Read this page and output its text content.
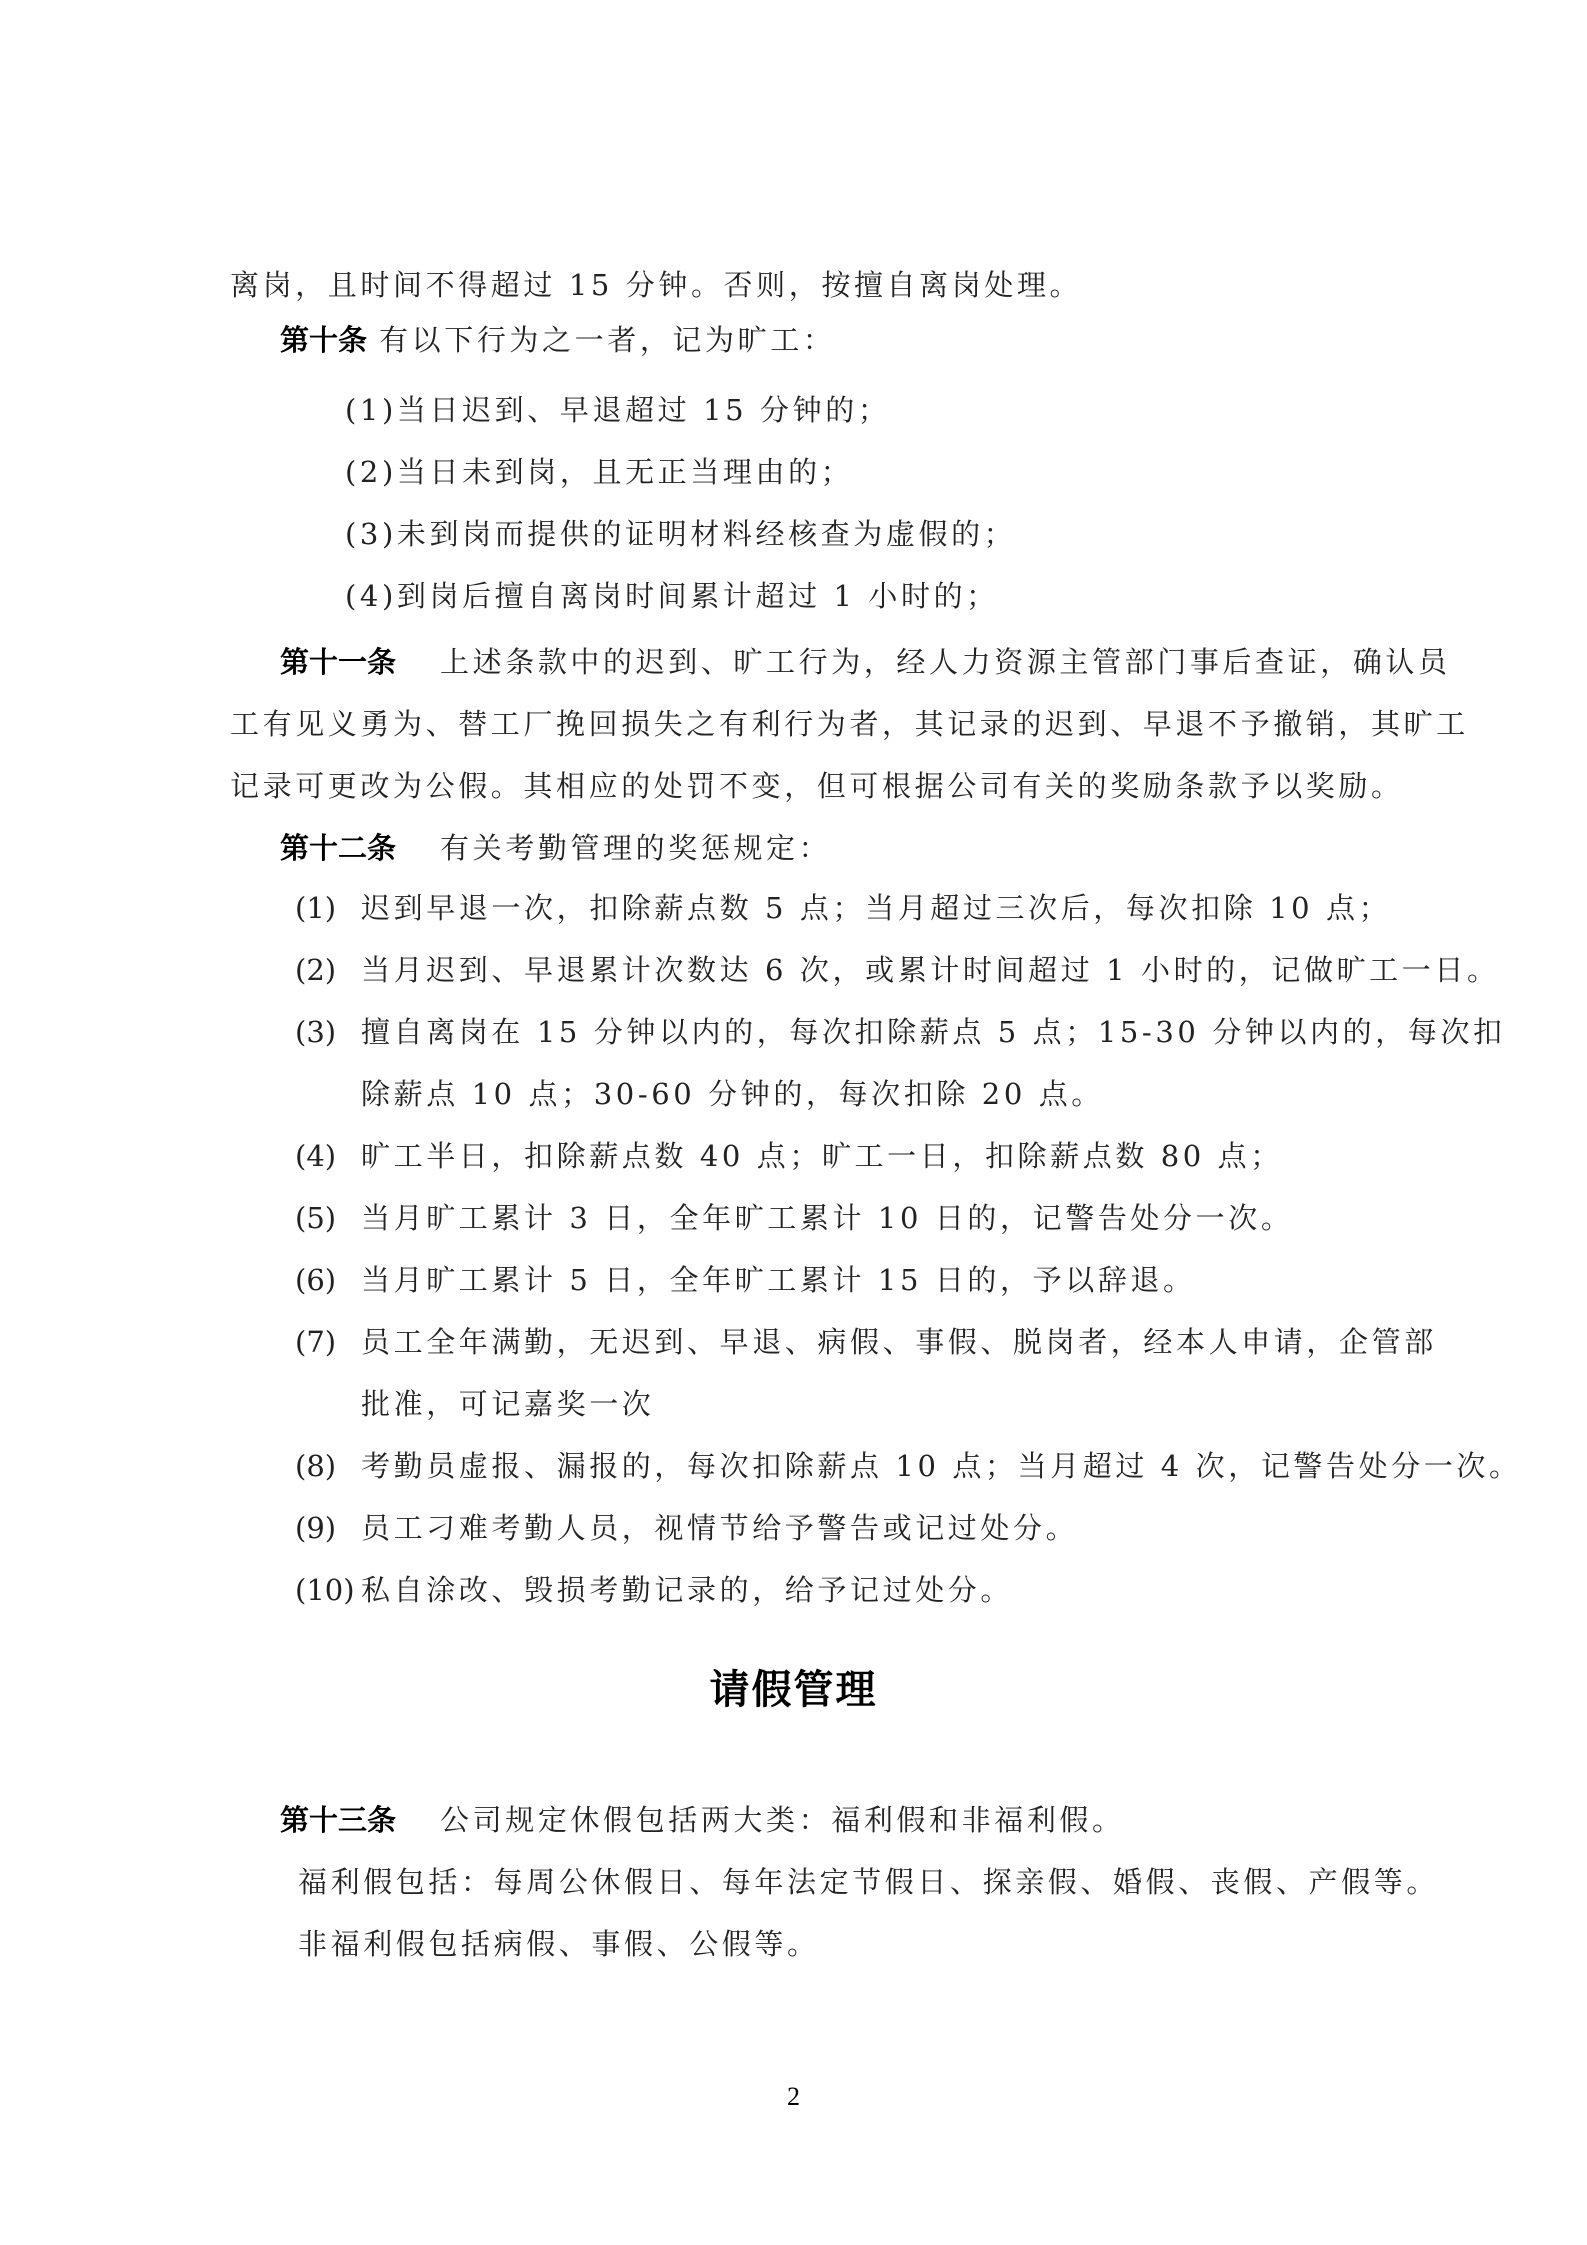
离岗，且时间不得超过 15 分钟。否则，按擅自离岗处理。
第十条 有以下行为之一者，记为旷工：
(1)当日迟到、早退超过 15 分钟的；
(2)当日未到岗，且无正当理由的；
(3)未到岗而提供的证明材料经核查为虚假的；
(4)到岗后擅自离岗时间累计超过 1 小时的；
第十一条 上述条款中的迟到、旷工行为，经人力资源主管部门事后查证，确认员
工有见义勇为、替工厂挽回损失之有利行为者，其记录的迟到、早退不予撤销，其旷工
记录可更改为公假。其相应的处罚不变，但可根据公司有关的奖励条款予以奖励。
第十二条 有关考勤管理的奖惩规定：
(1) 迟到早退一次，扣除薪点数 5 点；当月超过三次后，每次扣除 10 点；
(2) 当月迟到、早退累计次数达 6 次，或累计时间超过 1 小时的，记做旷工一日。
(3) 擅自离岗在 15 分钟以内的，每次扣除薪点 5 点；15-30 分钟以内的，每次扣
除薪点 10 点；30-60 分钟的，每次扣除 20 点。
(4) 旷工半日，扣除薪点数 40 点；旷工一日，扣除薪点数 80 点；
(5) 当月旷工累计 3 日，全年旷工累计 10 日的，记警告处分一次。
(6) 当月旷工累计 5 日，全年旷工累计 15 日的，予以辞退。
(7) 员工全年满勤，无迟到、早退、病假、事假、脱岗者，经本人申请，企管部
批准，可记嘉奖一次
(8) 考勤员虚报、漏报的，每次扣除薪点 10 点；当月超过 4 次，记警告处分一次。
(9) 员工刁难考勤人员，视情节给予警告或记过处分。
(10) 私自涂改、毁损考勤记录的，给予记过处分。
请假管理
第十三条 公司规定休假包括两大类：福利假和非福利假。
福利假包括：每周公休假日、每年法定节假日、探亲假、婚假、丧假、产假等。
非福利假包括病假、事假、公假等。
2
